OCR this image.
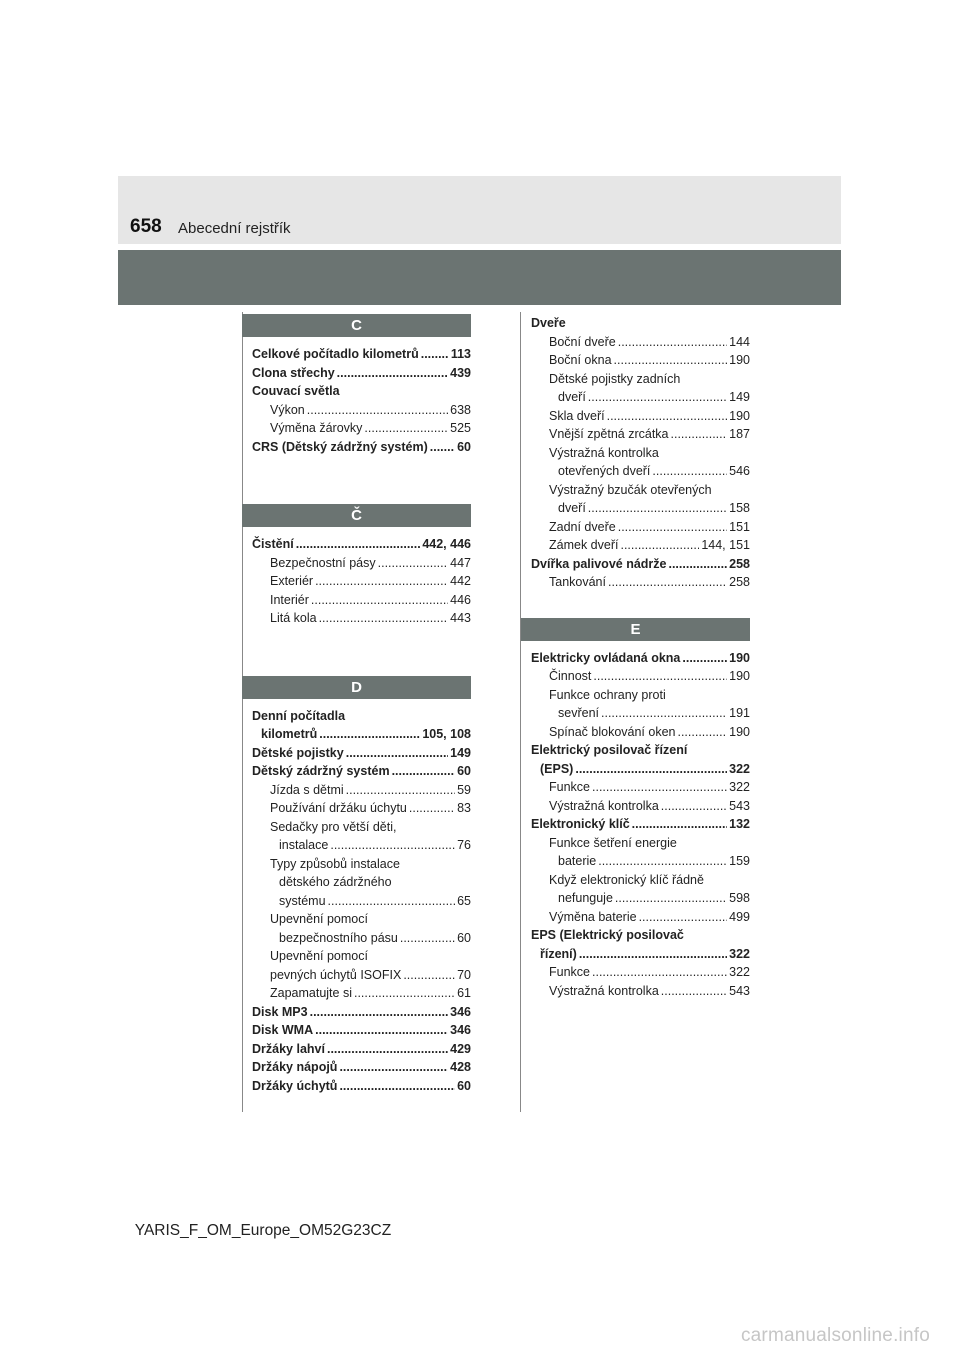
658 Abecední rejstřík
C
Celkové počítadlo kilometrů .....	113
Clona střechy .....	439
Couvací světla
Výkon .....	638
Výměna žárovky .....	525
CRS (Dětský zádržný systém) ..... 60
Č
Čistění .....	442, 446
Bezpečnostní pásy .....	447
Exteriér .....	442
Interiér .....	446
Litá kola .....	443
D
Denní počítadla
kilometrů .....	105, 108
Dětské pojistky .....	149
Dětský zádržný systém .....	60
Jízda s dětmi .....	59
Používání držáku úchytu .....	83
Sedačky pro větší děti,
instalace .....	76
Typy způsobů instalace
dětského zádržného
systému .....	65
Upevnění pomocí
bezpečnostního pásu .....	60
Upevnění pomocí
pevných úchytů ISOFIX .....	70
Zapamatujte si .....	61
Disk MP3 .....	346
Disk WMA .....	346
Držáky lahví .....	429
Držáky nápojů .....	428
Držáky úchytů .....	60
Dveře
Boční dveře .....	144
Boční okna .....	190
Dětské pojistky zadních
dveří .....	149
Skla dveří .....	190
Vnější zpětná zrcátka .....	187
Výstražná kontrolka
otevřených dveří .....	546
Výstražný bzučák otevřených
dveří .....	158
Zadní dveře .....	151
Zámek dveří .....	144, 151
Dvířka palivové nádrže .....	258
Tankování .....	258
E
Elektricky ovládaná okna .....	190
Činnost .....	190
Funkce ochrany proti
sevření .....	191
Spínač blokování oken .....	190
Elektrický posilovač řízení
(EPS) .....	322
Funkce .....	322
Výstražná kontrolka .....	543
Elektronický klíč .....	132
Funkce šetření energie
baterie .....	159
Když elektronický klíč řádně
nefunguje .....	598
Výměna baterie .....	499
EPS (Elektrický posilovač
řízení) .....	322
Funkce .....	322
Výstražná kontrolka .....	543
YARIS_F_OM_Europe_OM52G23CZ
carmanualsonline.info
